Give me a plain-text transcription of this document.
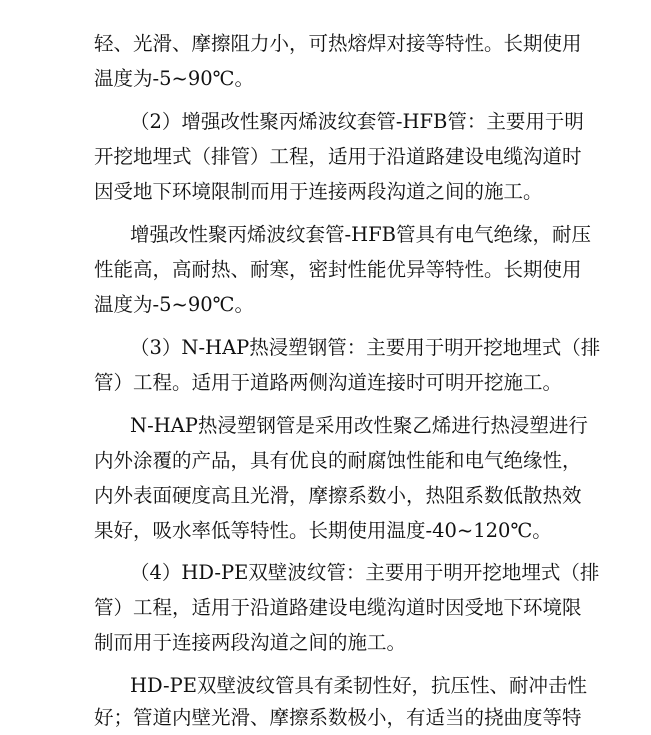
轻、光滑、摩擦阻力小，可热熔焊对接等特性。长期使用
温度为-5~90℃。
（2）增强改性聚丙烯波纹套管-HFB管：主要用于明
开挖地埋式（排管）工程，适用于沿道路建设电缆沟道时
因受地下环境限制而用于连接两段沟道之间的施工。
增强改性聚丙烯波纹套管-HFB管具有电气绝缘，耐压
性能高，高耐热、耐寒，密封性能优异等特性。长期使用
温度为-5~90℃。
（3）N-HAP热浸塑钢管：主要用于明开挖地埋式（排
管）工程。适用于道路两侧沟道连接时可明开挖施工。
N-HAP热浸塑钢管是采用改性聚乙烯进行热浸塑进行
内外涂覆的产品，具有优良的耐腐蚀性能和电气绝缘性，
内外表面硬度高且光滑，摩擦系数小，热阻系数低散热效
果好，吸水率低等特性。长期使用温度-40~120℃。
（4）HD-PE双壁波纹管：主要用于明开挖地埋式（排
管）工程，适用于沿道路建设电缆沟道时因受地下环境限
制而用于连接两段沟道之间的施工。
HD-PE双壁波纹管具有柔韧性好，抗压性、耐冲击性
好；管道内壁光滑、摩擦系数极小，有适当的挠曲度等特
